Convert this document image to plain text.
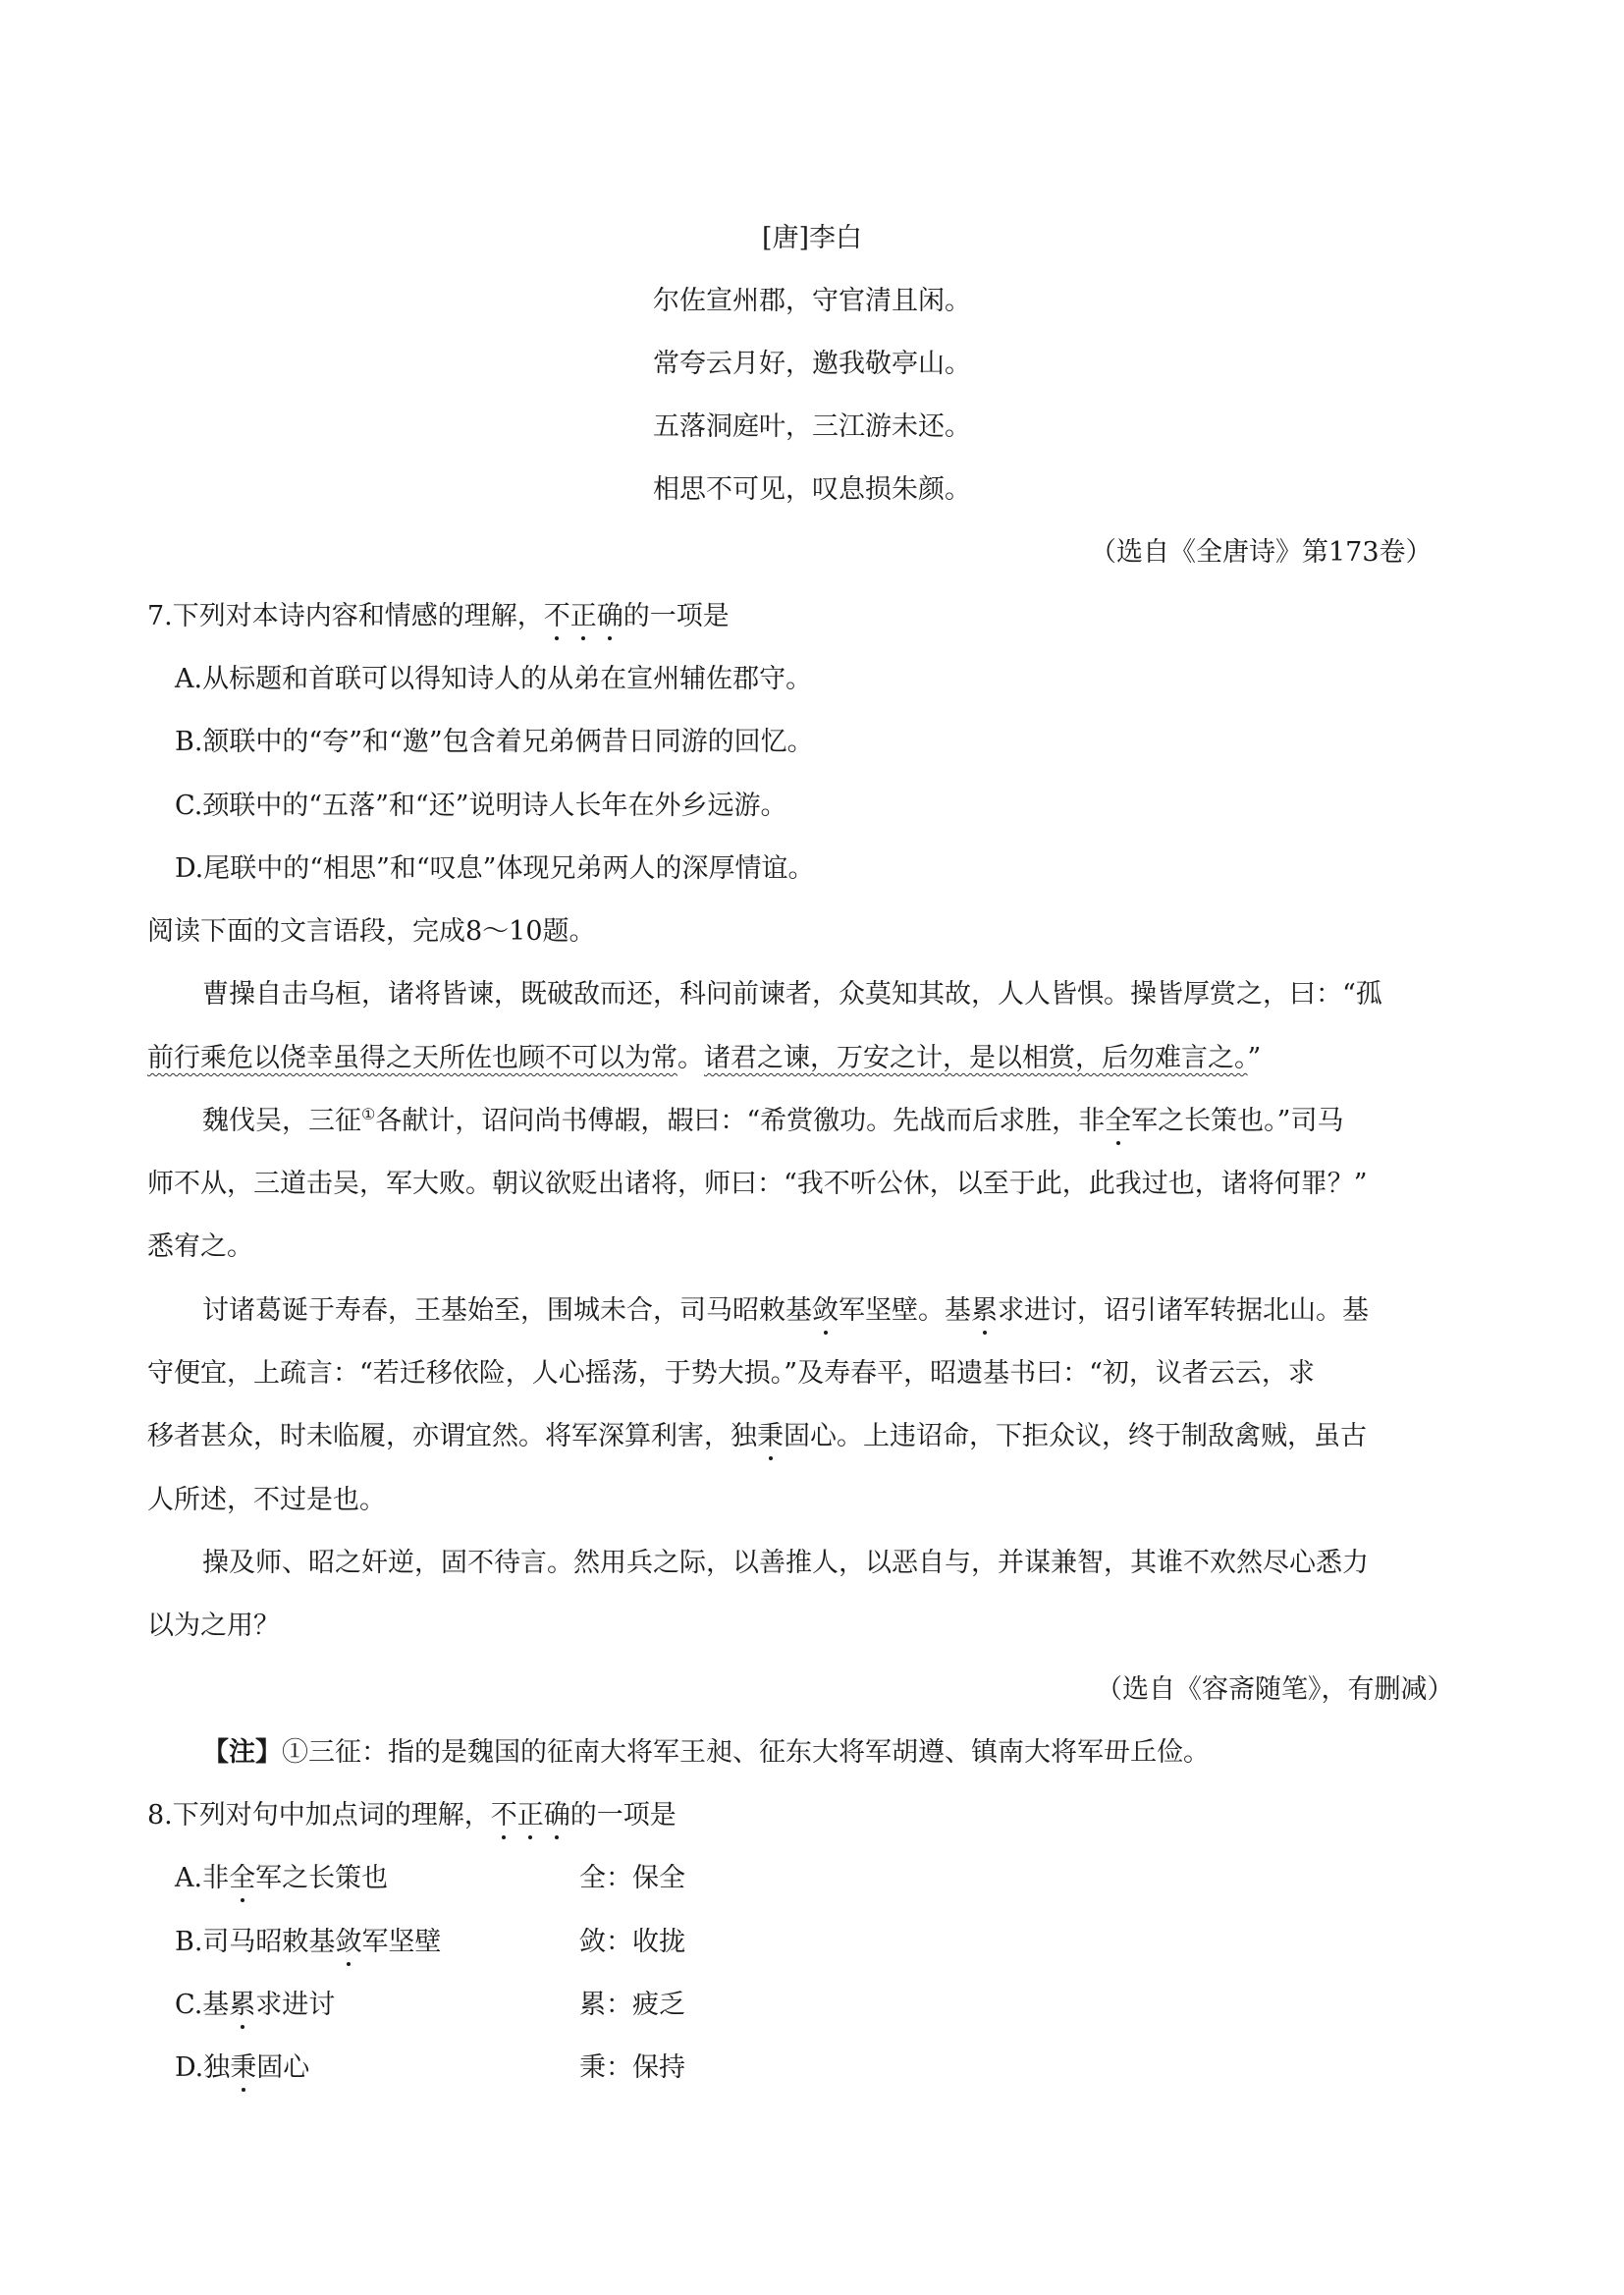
[唐]李白
尔佐宣州郡，守官清且闲。
常夸云月好，邀我敬亭山。
五落洞庭叶，三江游未还。
相思不可见，叹息损朱颜。
（选自《全唐诗》第173卷）
7.下列对本诗内容和情感的理解，不正确的一项是
A.从标题和首联可以得知诗人的从弟在宣州辅佐郡守。
B.颔联中的“夸”和“邀”包含着兄弟俩昔日同游的回忆。
C.颈联中的“五落”和“还”说明诗人长年在外乡远游。
D.尾联中的“相思”和“叹息”体现兄弟两人的深厚情谊。
阅读下面的文言语段，完成8～10题。
曹操自击乌桓，诸将皆谏，既破敌而还，科问前谏者，众莫知其故，人人皆惧。操皆厚赏之，曰：“孤
前行乘危以侥幸虽得之天所佐也顾不可以为常。诸君之谏，万安之计，是以相赏，后勿难言之。”
魏伐吴，三征①各献计，诏问尚书傅嘏，嘏曰：“希赏徼功。先战而后求胜，非全军之长策也。”司马
师不从，三道击吴，军大败。朝议欲贬出诸将，师曰：“我不听公休，以至于此，此我过也，诸将何罪？”
悉宥之。
讨诸葛诞于寿春，王基始至，围城未合，司马昭敕基敛军坚壁。基累求进讨，诏引诸军转据北山。基
守便宜，上疏言：“若迁移依险，人心摇荡，于势大损。”及寿春平，昭遗基书曰：“初，议者云云，求
移者甚众，时未临履，亦谓宜然。将军深算利害，独秉固心。上违诏命，下拒众议，终于制敌禽贼，虽古
人所述，不过是也。
操及师、昭之奸逆，固不待言。然用兵之际，以善推人，以恶自与，并谋兼智，其谁不欢然尽心悉力
以为之用？
（选自《容斋随笔》，有删减）
【注】①三征：指的是魏国的征南大将军王昶、征东大将军胡遵、镇南大将军毌丘俭。
8.下列对句中加点词的理解，不正确的一项是
A.非全军之长策也	全：保全
B.司马昭敕基敛军坚壁	敛：收拢
C.基累求进讨	累：疲乏
D.独秉固心	秉：保持
